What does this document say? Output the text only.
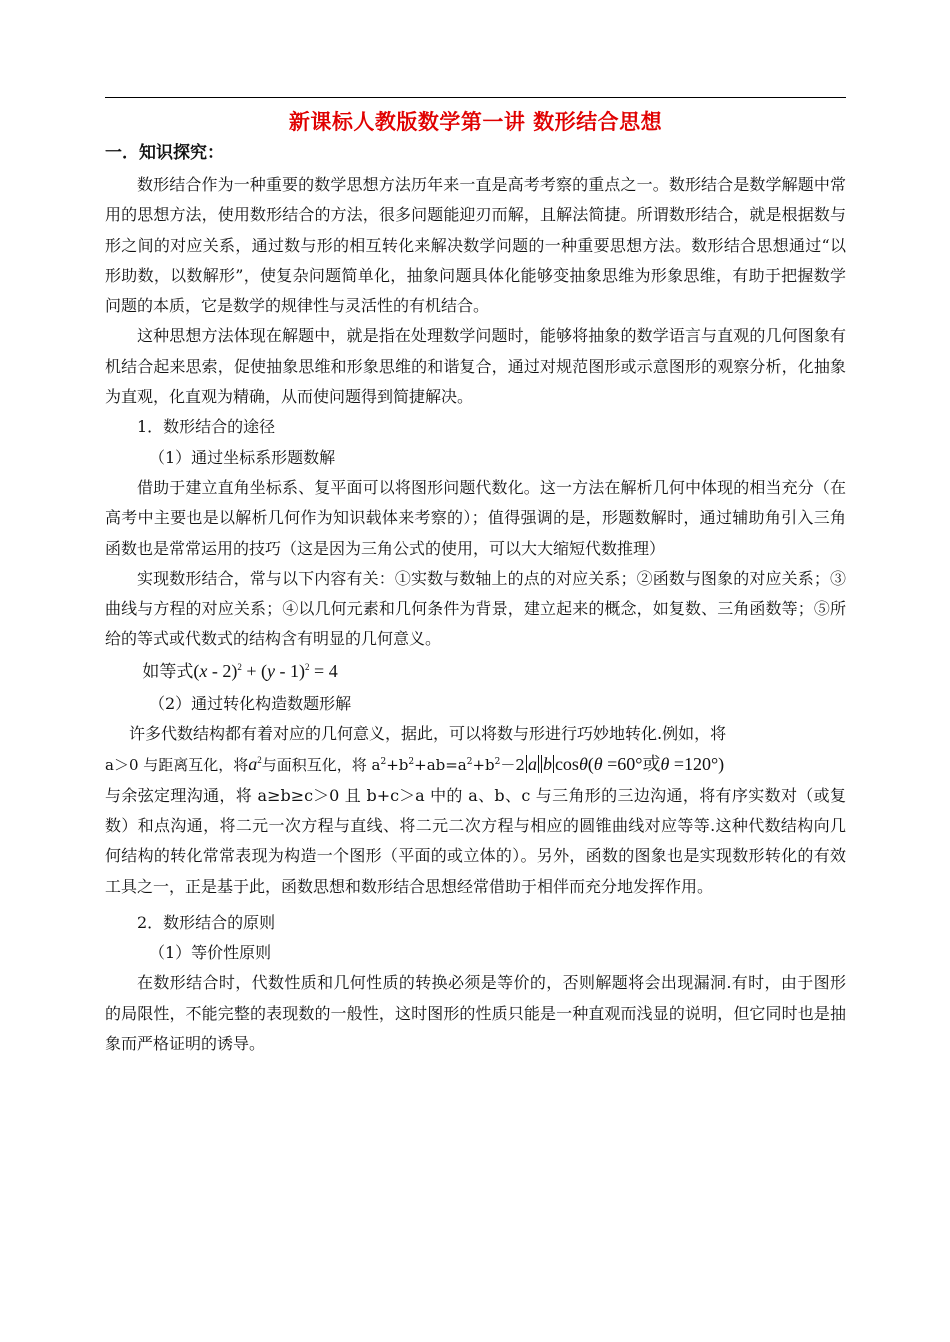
新课标人教版数学第一讲 数形结合思想
一．知识探究：

数形结合作为一种重要的数学思想方法历年来一直是高考考察的重点之一。数形结合是数学解题中常用的思想方法，使用数形结合的方法，很多问题能迎刃而解，且解法简捷。所谓数形结合，就是根据数与形之间的对应关系，通过数与形的相互转化来解决数学问题的一种重要思想方法。数形结合思想通过“以形助数，以数解形”，使复杂问题简单化，抽象问题具体化能够变抽象思维为形象思维，有助于把握数学问题的本质，它是数学的规律性与灵活性的有机结合。

这种思想方法体现在解题中，就是指在处理数学问题时，能够将抽象的数学语言与直观的几何图象有机结合起来思索，促使抽象思维和形象思维的和谐复合，通过对规范图形或示意图形的观察分析，化抽象为直观，化直观为精确，从而使问题得到简捷解决。

1．数形结合的途径

（1）通过坐标系形题数解

借助于建立直角坐标系、复平面可以将图形问题代数化。这一方法在解析几何中体现的相当充分（在高考中主要也是以解析几何作为知识载体来考察的）；值得强调的是，形题数解时，通过辅助角引入三角函数也是常常运用的技巧（这是因为三角公式的使用，可以大大缩短代数推理）

实现数形结合，常与以下内容有关：①实数与数轴上的点的对应关系；②函数与图象的对应关系；③曲线与方程的对应关系；④以几何元素和几何条件为背景，建立起来的概念，如复数、三角函数等；⑤所给的等式或代数式的结构含有明显的几何意义。

如等式(x - 2)$^2$ + (y - 1)$^2$ = 4

（2）通过转化构造数题形解

许多代数结构都有着对应的几何意义，据此，可以将数与形进行巧妙地转化.例如，将

a＞0 与距离互化，将$a^2$与面积互化，将 $a^2+b^2+ab=a^2+b^2-2$ a b cosθ(θ =60°或θ =120°)

与余弦定理沟通，将 a≥b≥c＞0 且 b+c＞a 中的 a、b、c 与三角形的三边沟通，将有序实数对（或复数）和点沟通，将二元一次方程与直线、将二元二次方程与相应的圆锥曲线对应等等.这种代数结构向几何结构的转化常常表现为构造一个图形（平面的或立体的）。另外，函数的图象也是实现数形转化的有效工具之一，正是基于此，函数思想和数形结合思想经常借助于相伴而充分地发挥作用。

2．数形结合的原则

（1）等价性原则

在数形结合时，代数性质和几何性质的转换必须是等价的，否则解题将会出现漏洞.有时，由于图形的局限性，不能完整的表现数的一般性，这时图形的性质只能是一种直观而浅显的说明，但它同时也是抽象而严格证明的诱导。
